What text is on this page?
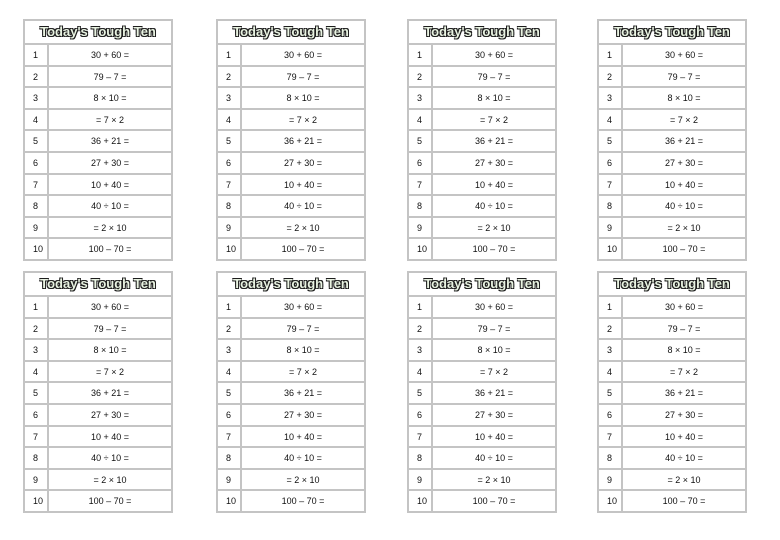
Today's Tough Ten
1	30 + 60 =
2	79 – 7 =
3	8 × 10 =
4	= 7 × 2
5	36 + 21 =
6	27 + 30 =
7	10 + 40 =
8	40 ÷ 10 =
9	= 2 × 10
10	100 – 70 =
Today's Tough Ten
1	30 + 60 =
2	79 – 7 =
3	8 × 10 =
4	= 7 × 2
5	36 + 21 =
6	27 + 30 =
7	10 + 40 =
8	40 ÷ 10 =
9	= 2 × 10
10	100 – 70 =
Today's Tough Ten
1	30 + 60 =
2	79 – 7 =
3	8 × 10 =
4	= 7 × 2
5	36 + 21 =
6	27 + 30 =
7	10 + 40 =
8	40 ÷ 10 =
9	= 2 × 10
10	100 – 70 =
Today's Tough Ten
1	30 + 60 =
2	79 – 7 =
3	8 × 10 =
4	= 7 × 2
5	36 + 21 =
6	27 + 30 =
7	10 + 40 =
8	40 ÷ 10 =
9	= 2 × 10
10	100 – 70 =
Today's Tough Ten
1	30 + 60 =
2	79 – 7 =
3	8 × 10 =
4	= 7 × 2
5	36 + 21 =
6	27 + 30 =
7	10 + 40 =
8	40 ÷ 10 =
9	= 2 × 10
10	100 – 70 =
Today's Tough Ten
1	30 + 60 =
2	79 – 7 =
3	8 × 10 =
4	= 7 × 2
5	36 + 21 =
6	27 + 30 =
7	10 + 40 =
8	40 ÷ 10 =
9	= 2 × 10
10	100 – 70 =
Today's Tough Ten
1	30 + 60 =
2	79 – 7 =
3	8 × 10 =
4	= 7 × 2
5	36 + 21 =
6	27 + 30 =
7	10 + 40 =
8	40 ÷ 10 =
9	= 2 × 10
10	100 – 70 =
Today's Tough Ten
1	30 + 60 =
2	79 – 7 =
3	8 × 10 =
4	= 7 × 2
5	36 + 21 =
6	27 + 30 =
7	10 + 40 =
8	40 ÷ 10 =
9	= 2 × 10
10	100 – 70 =
